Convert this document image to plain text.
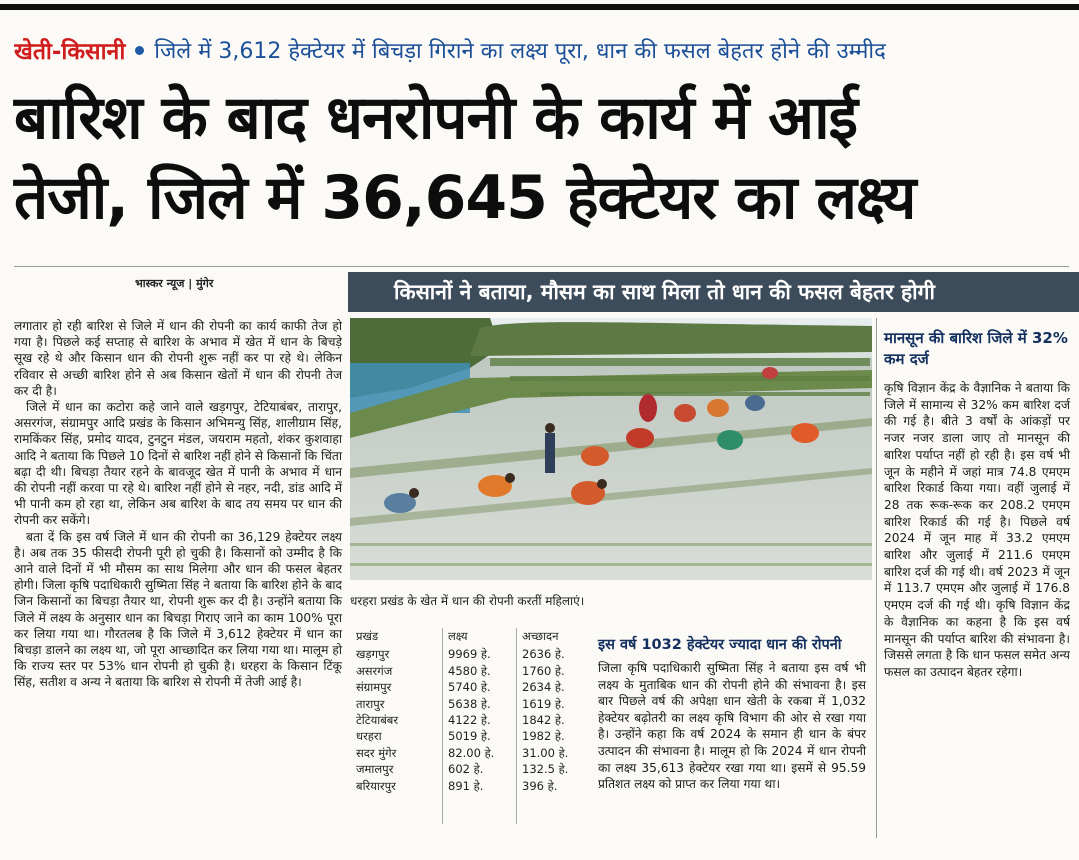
खेती-किसानी जिले में 3,612 हेक्टेयर में बिचड़ा गिराने का लक्ष्य पूरा, धान की फसल बेहतर होने की उम्मीद
बारिश के बाद धनरोपनी के कार्य में आई
तेजी, जिले में 36,645 हेक्टेयर का लक्ष्य
भास्कर न्यूज | मुंगेर	किसानों ने बताया, मौसम का साथ मिला तो धान की फसल बेहतर होगी

लगातार हो रही बारिश से जिले में धान की रोपनी का कार्य काफी तेज हो गया है। पिछले कई सप्ताह से बारिश के अभाव में खेत में धान के बिचड़े सूख रहे थे और किसान धान की रोपनी शुरू नहीं कर पा रहे थे। लेकिन रविवार से अच्छी बारिश होने से अब किसान खेतों में धान की रोपनी तेज कर दी है।

जिले में धान का कटोरा कहे जाने वाले खड़गपुर, टेटियाबंबर, तारापुर, असरगंज, संग्रामपुर आदि प्रखंड के किसान अभिमन्यु सिंह, शालीग्राम सिंह, रामकिंकर सिंह, प्रमोद यादव, टुनटुन मंडल, जयराम महतो, शंकर कुशवाहा आदि ने बताया कि पिछले 10 दिनों से बारिश नहीं होने से किसानों कि चिंता बढ़ा दी थी। बिचड़ा तैयार रहने के बावजूद खेत में पानी के अभाव में धान की रोपनी नहीं करवा पा रहे थे। बारिश नहीं होने से नहर, नदी, डांड आदि में भी पानी कम हो रहा था, लेकिन अब बारिश के बाद तय समय पर धान की रोपनी कर सकेंगे।

बता दें कि इस वर्ष जिले में धान की रोपनी का 36,129 हेक्टेयर लक्ष्य है। अब तक 35 फीसदी रोपनी पूरी हो चुकी है। किसानों को उम्मीद है कि आने वाले दिनों में भी मौसम का साथ मिलेगा और धान की फसल बेहतर होगी। जिला कृषि पदाधिकारी सुष्मिता सिंह ने बताया कि बारिश होने के बाद जिन किसानों का बिचड़ा तैयार था, रोपनी शुरू कर दी है। उन्होंने बताया कि जिले में लक्ष्य के अनुसार धान का बिचड़ा गिराए जाने का काम 100% पूरा कर लिया गया था। गौरतलब है कि जिले में 3,612 हेक्टेयर में धान का बिचड़ा डालने का लक्ष्य था, जो पूरा आच्छादित कर लिया गया था। मालूम हो कि राज्य स्तर पर 53% धान रोपनी हो चुकी है। धरहरा के किसान टिंकू सिंह, सतीश व अन्य ने बताया कि बारिश से रोपनी में तेजी आई है।

धरहरा प्रखंड के खेत में धान की रोपनी करतीं महिलाएं।
प्रखंड	लक्ष्य	अच्छादन
खड़गपुर	9969 हे.	2636 हे.
असरगंज	4580 हे.	1760 हे.
संग्रामपुर	5740 हे.	2634 हे.
तारापुर	5638 हे.	1619 हे.
टेटियाबंबर	4122 हे.	1842 हे.
धरहरा	5019 हे.	1982 हे.
सदर मुंगेर	82.00 हे.	31.00 हे.
जमालपुर	602 हे.	132.5 हे.
बरियारपुर	891 हे.	396 हे.
इस वर्ष 1032 हेक्टेयर ज्यादा धान की रोपनी
जिला कृषि पदाधिकारी सुष्मिता सिंह ने बताया इस वर्ष भी लक्ष्य के मुताबिक धान की रोपनी होने की संभावना है। इस बार पिछले वर्ष की अपेक्षा धान खेती के रकबा में 1,032 हेक्टेयर बढ़ोतरी का लक्ष्य कृषि विभाग की ओर से रखा गया है। उन्होंने कहा कि वर्ष 2024 के समान ही धान के बंपर उत्पादन की संभावना है। मालूम हो कि 2024 में धान रोपनी का लक्ष्य 35,613 हेक्टेयर रखा गया था। इसमें से 95.59 प्रतिशत लक्ष्य को प्राप्त कर लिया गया था।
मानसून की बारिश जिले में 32% कम दर्ज
कृषि विज्ञान केंद्र के वैज्ञानिक ने बताया कि जिले में सामान्य से 32% कम बारिश दर्ज की गई है। बीते 3 वर्षों के आंकड़ों पर नजर नजर डाला जाए तो मानसून की बारिश पर्याप्त नहीं हो रही है। इस वर्ष भी जून के महीने में जहां मात्र 74.8 एमएम बारिश रिकार्ड किया गया। वहीं जुलाई में 28 तक रूक-रूक कर 208.2 एमएम बारिश रिकार्ड की गई है। पिछले वर्ष 2024 में जून माह में 33.2 एमएम बारिश और जुलाई में 211.6 एमएम बारिश दर्ज की गई थी। वर्ष 2023 में जून में 113.7 एमएम और जुलाई में 176.8 एमएम दर्ज की गई थी। कृषि विज्ञान केंद्र के वैज्ञानिक का कहना है कि इस वर्ष मानसून की पर्याप्त बारिश की संभावना है। जिससे लगता है कि धान फसल समेत अन्य फसल का उत्पादन बेहतर रहेगा।
